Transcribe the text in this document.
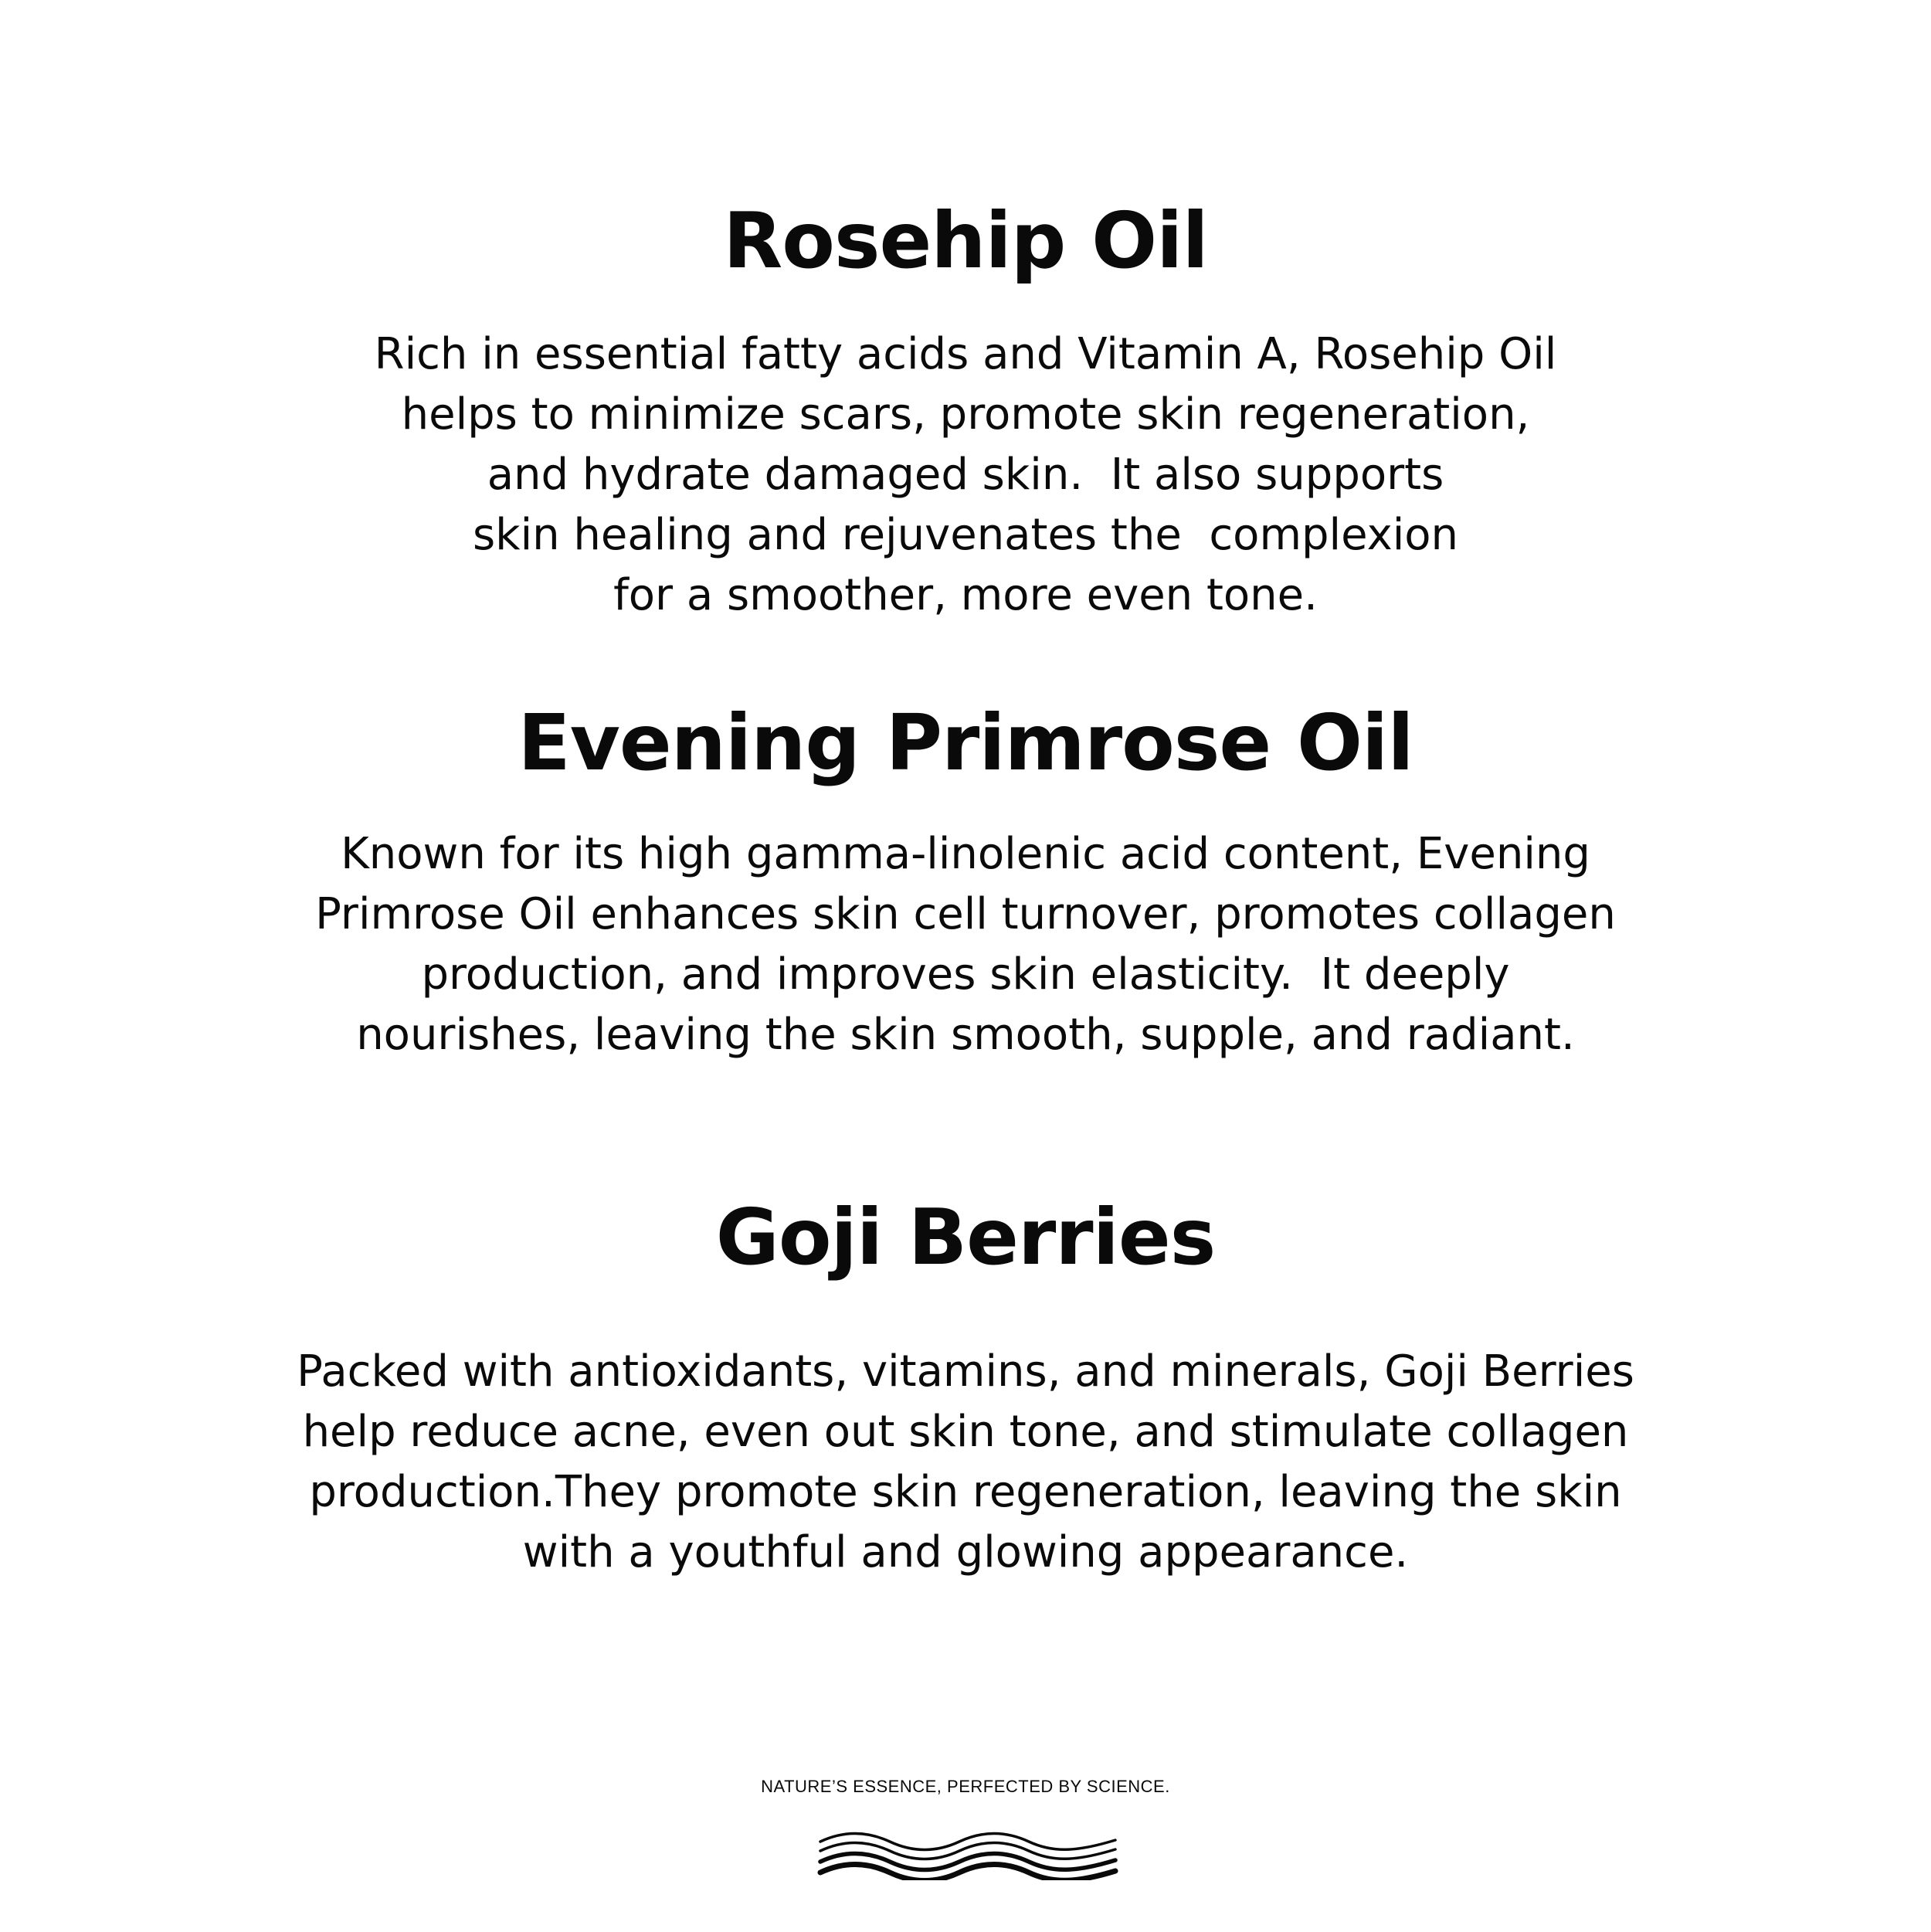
Rosehip Oil

Rich in essential fatty acids and Vitamin A, Rosehip Oil
helps to minimize scars, promote skin regeneration,
and hydrate damaged skin.  It also supports
skin healing and rejuvenates the  complexion
for a smoother, more even tone.

Evening Primrose Oil

Known for its high gamma-linolenic acid content, Evening
Primrose Oil enhances skin cell turnover, promotes collagen
production, and improves skin elasticity.  It deeply
nourishes, leaving the skin smooth, supple, and radiant.

Goji Berries

Packed with antioxidants, vitamins, and minerals, Goji Berries
help reduce acne, even out skin tone, and stimulate collagen
production.They promote skin regeneration, leaving the skin
with a youthful and glowing appearance.

NATURE’S ESSENCE, PERFECTED BY SCIENCE.
